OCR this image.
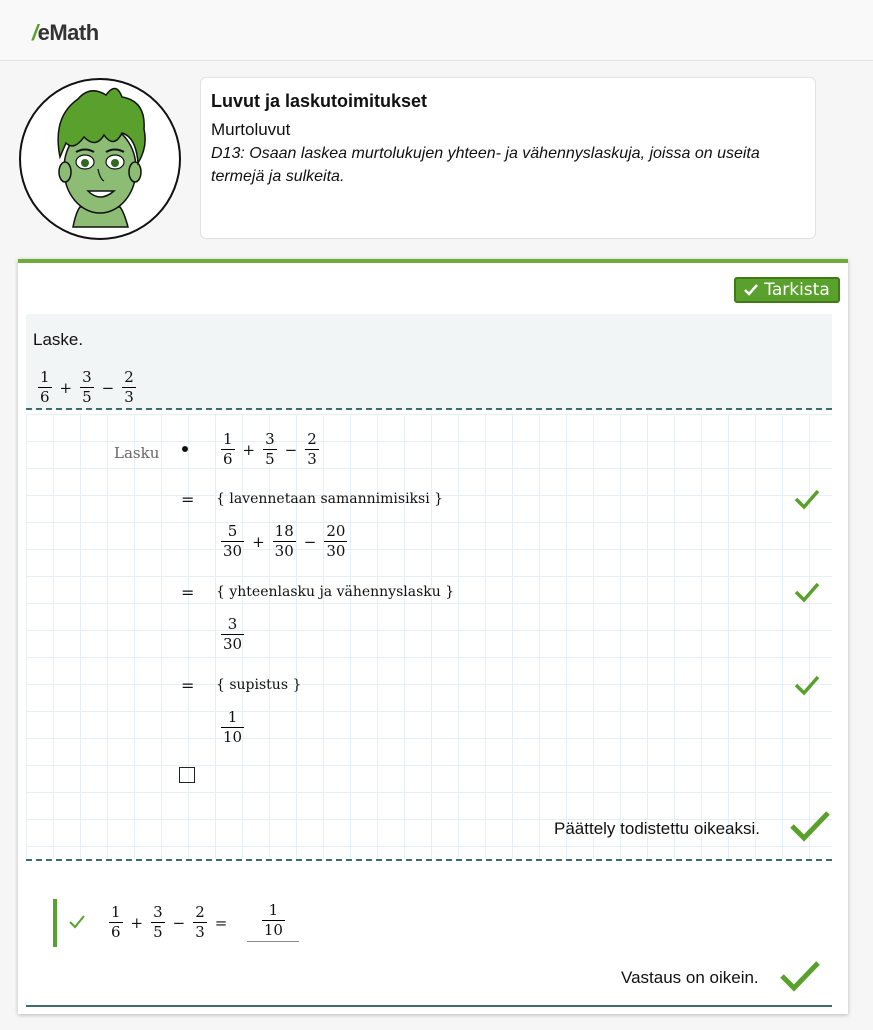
/eMath
Luvut ja laskutoimitukset
Murtoluvut
D13: Osaan laskea murtolukujen yhteen- ja vähennyslaskuja, joissa on useita termejä ja sulkeita.
Tarkista
Laske.
$\frac{1}{6} + \frac{3}{5} - \frac{2}{3}$
Lasku	$\frac{1}{6} + \frac{3}{5} - \frac{2}{3}$
= { lavennetaan samannimisiksi }
$\frac{5}{30} + \frac{18}{30} - \frac{20}{30}$
= { yhteenlasku ja vähennyslasku }
$\frac{3}{30}$
= { supistus }
$\frac{1}{10}$
Päättely todistettu oikeaksi.
$\frac{1}{6} + \frac{3}{5} - \frac{2}{3} = \frac{1}{10}$
Vastaus on oikein.
